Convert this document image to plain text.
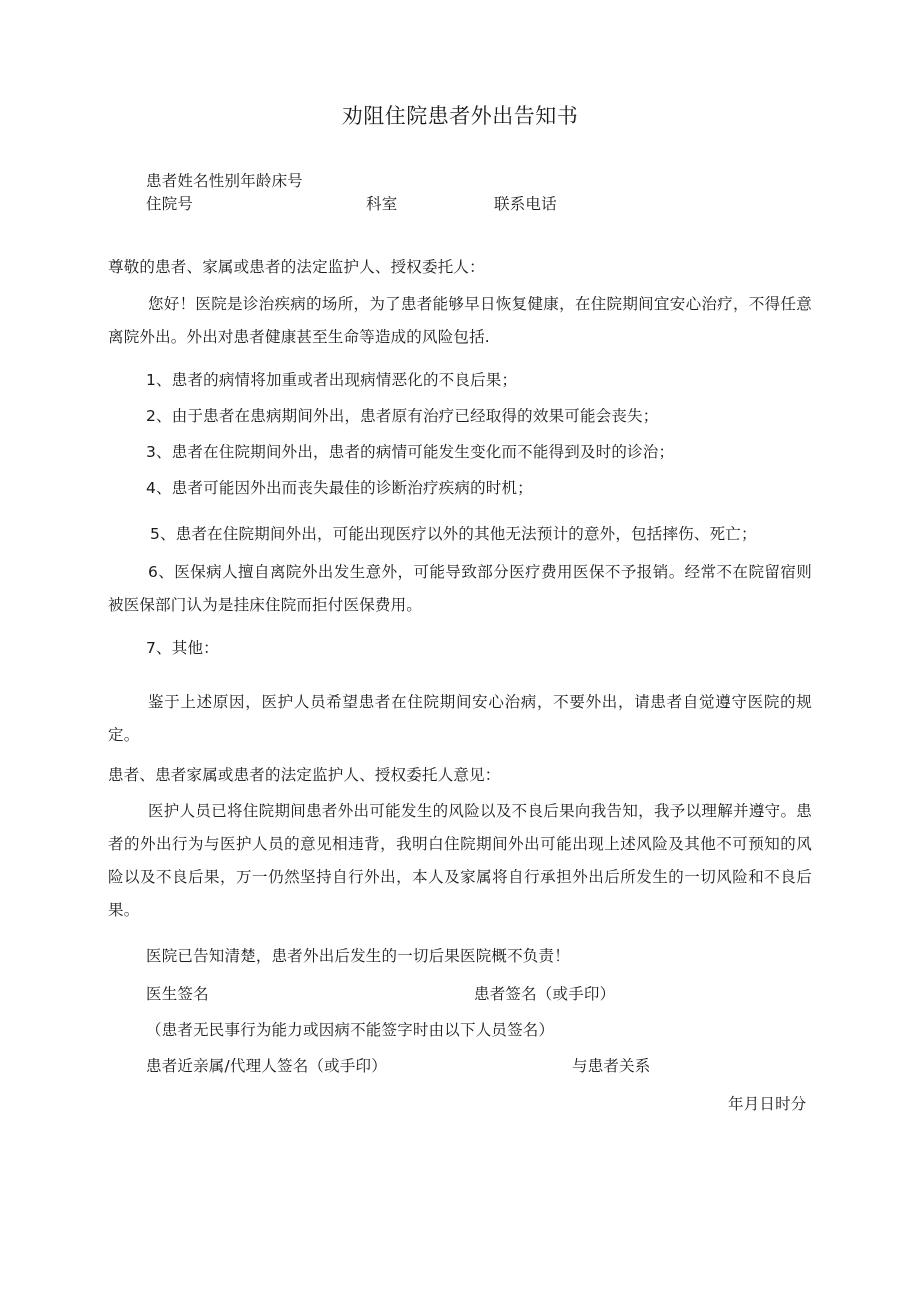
劝阻住院患者外出告知书
患者姓名性别年龄床号
住院号	科室	联系电话
尊敬的患者、家属或患者的法定监护人、授权委托人：
您好！医院是诊治疾病的场所，为了患者能够早日恢复健康，在住院期间宜安心治疗，不得任意离院外出。外出对患者健康甚至生命等造成的风险包括.
1、患者的病情将加重或者出现病情恶化的不良后果；
2、由于患者在患病期间外出，患者原有治疗已经取得的效果可能会丧失；
3、患者在住院期间外出，患者的病情可能发生变化而不能得到及时的诊治；
4、患者可能因外出而丧失最佳的诊断治疗疾病的时机；
5、患者在住院期间外出，可能出现医疗以外的其他无法预计的意外，包括摔伤、死亡；
6、医保病人擅自离院外出发生意外，可能导致部分医疗费用医保不予报销。经常不在院留宿则被医保部门认为是挂床住院而拒付医保费用。
7、其他：
鉴于上述原因，医护人员希望患者在住院期间安心治病，不要外出，请患者自觉遵守医院的规定。
患者、患者家属或患者的法定监护人、授权委托人意见：
医护人员已将住院期间患者外出可能发生的风险以及不良后果向我告知，我予以理解并遵守。患者的外出行为与医护人员的意见相违背，我明白住院期间外出可能出现上述风险及其他不可预知的风险以及不良后果，万一仍然坚持自行外出，本人及家属将自行承担外出后所发生的一切风险和不良后果。
医院已告知清楚，患者外出后发生的一切后果医院概不负责！
医生签名	患者签名（或手印）
（患者无民事行为能力或因病不能签字时由以下人员签名）
患者近亲属/代理人签名（或手印）	与患者关系
年月日时分
